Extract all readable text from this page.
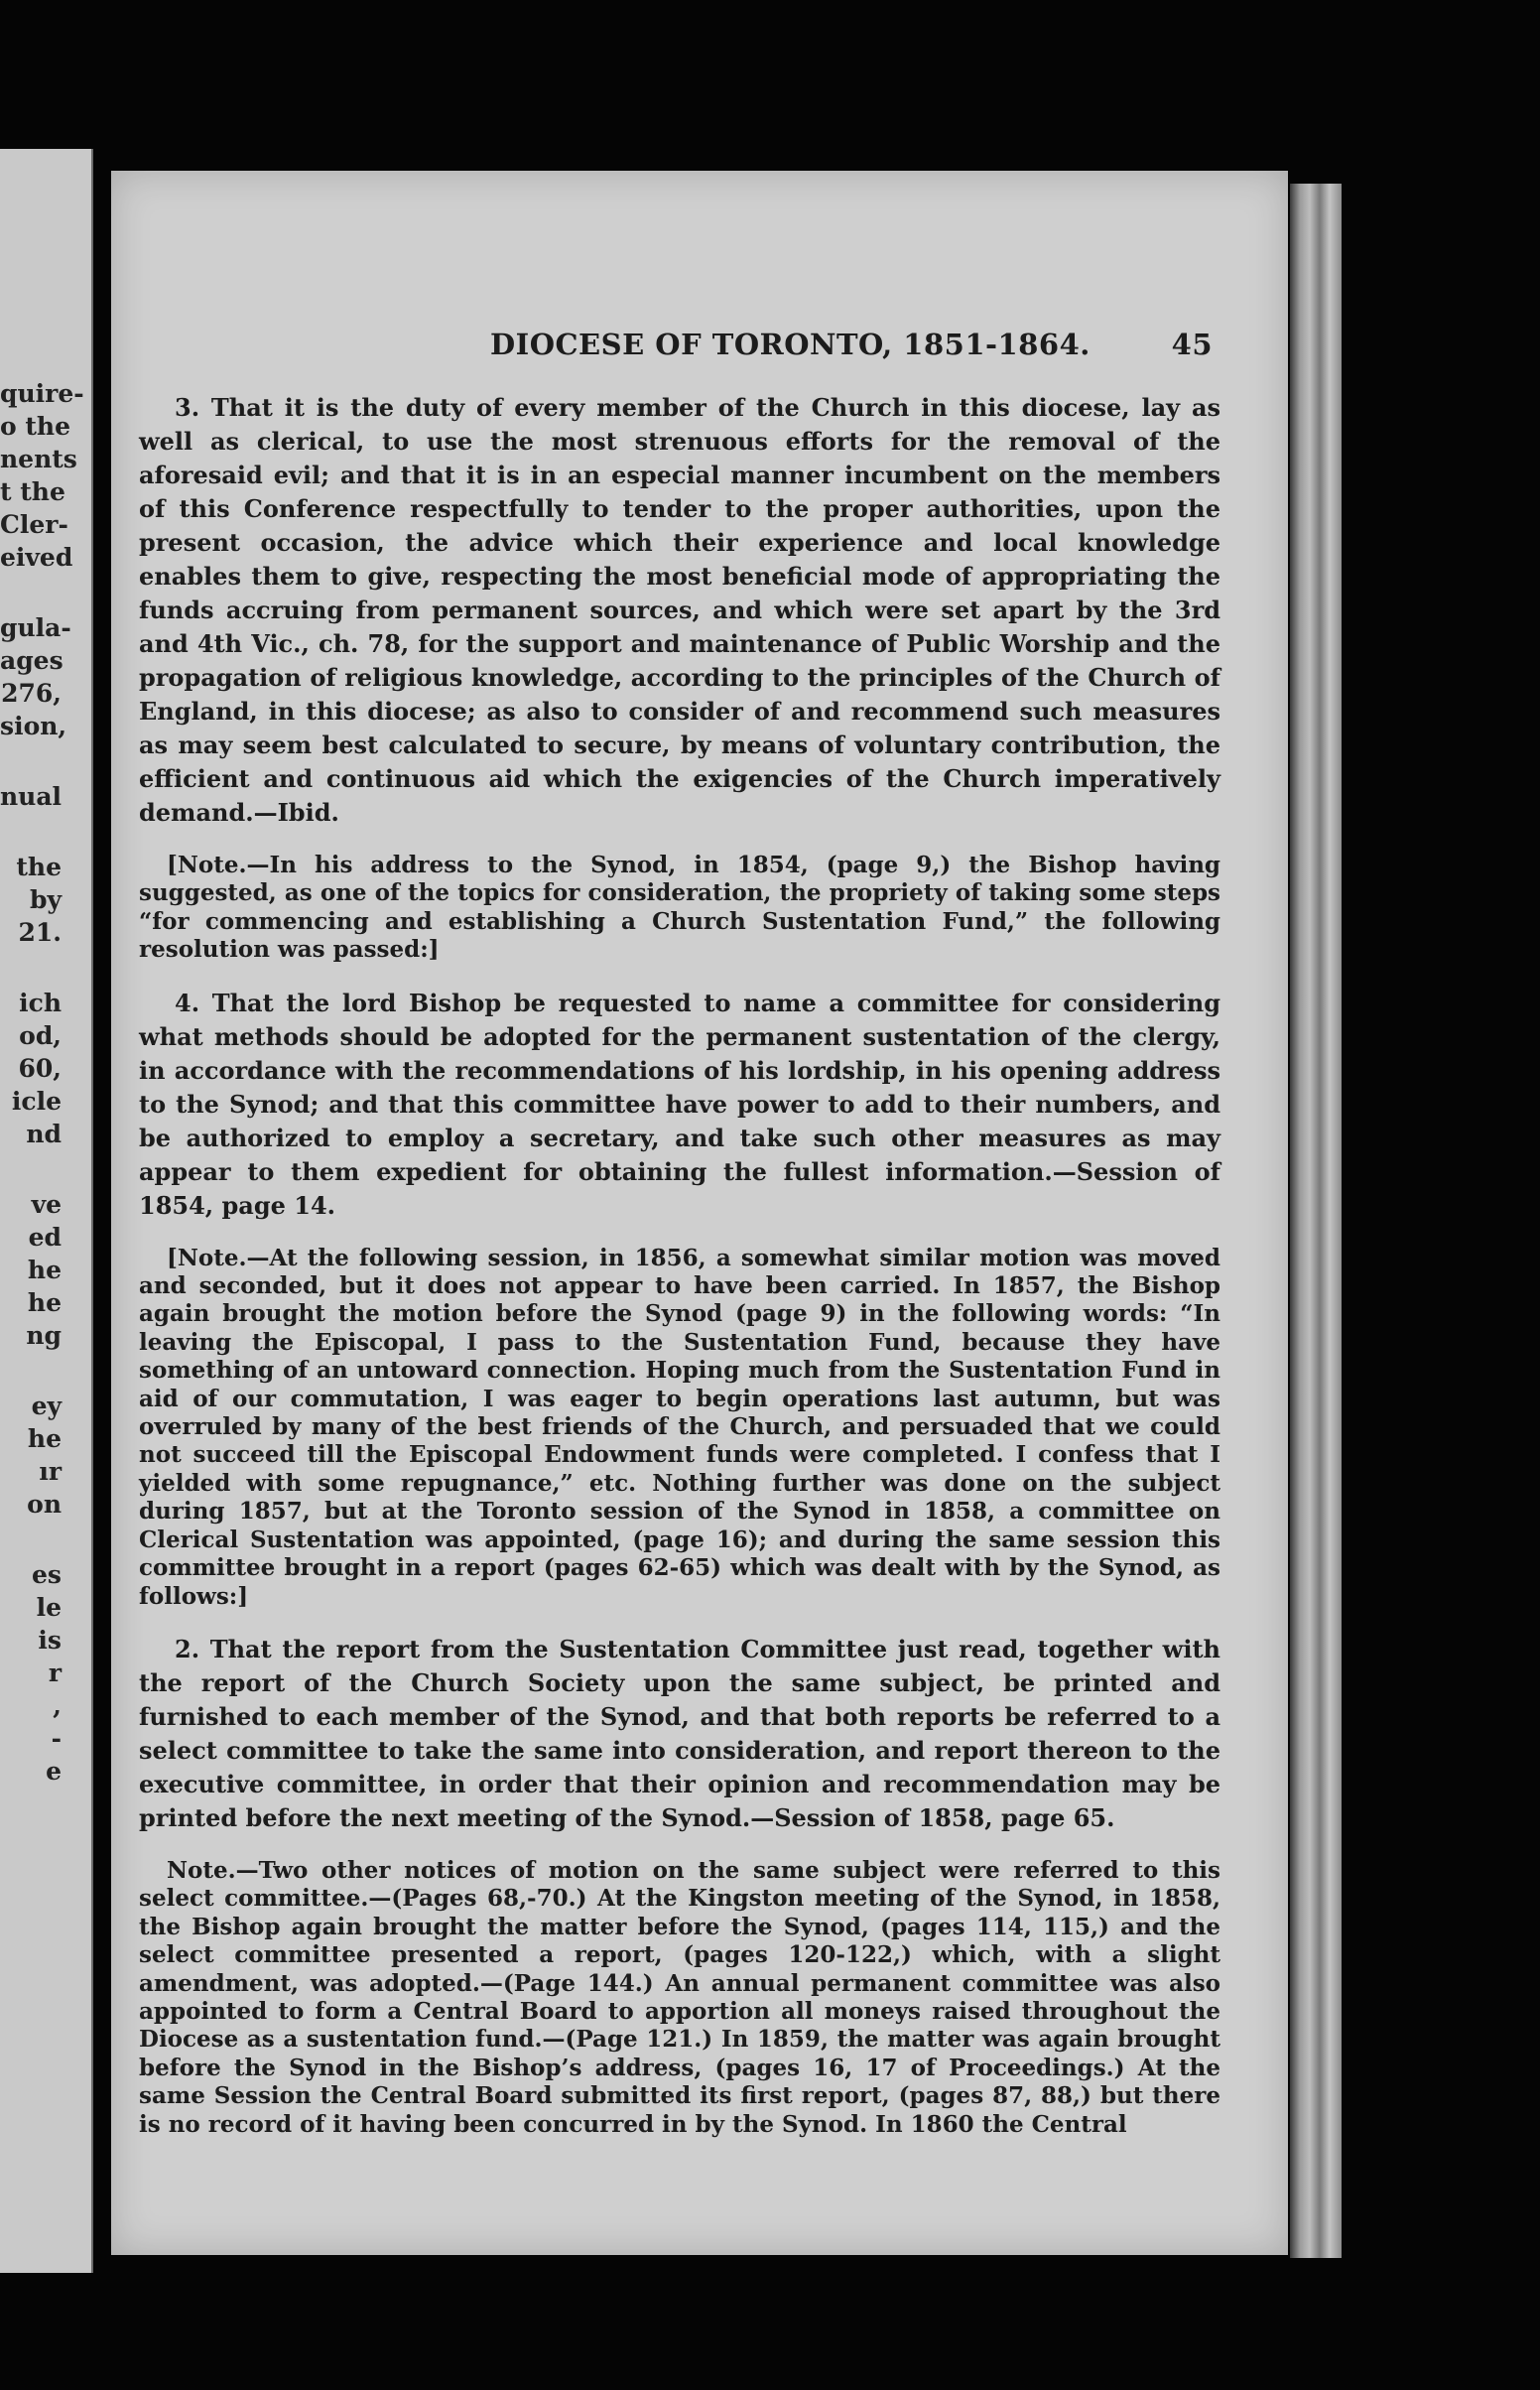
quire-
o the
nents
t the
Cler-
eived
gula-
ages
276,
sion,
nual
the
by
21.
ich
od,
60,
icle
nd
ve
ed
he
he
ng
ey
he
ır
on
es
le
is
r
,
-
e
DIOCESE OF TORONTO, 1851-1864.	45

3. That it is the duty of every member of the Church in this diocese, lay as well as clerical, to use the most strenuous efforts for the removal of the aforesaid evil; and that it is in an especial manner incumbent on the members of this Conference respectfully to tender to the proper authorities, upon the present occasion, the advice which their experience and local knowledge enables them to give, respecting the most beneficial mode of appropriating the funds accruing from permanent sources, and which were set apart by the 3rd and 4th Vic., ch. 78, for the support and maintenance of Public Worship and the propagation of religious knowledge, according to the principles of the Church of England, in this diocese; as also to consider of and recommend such measures as may seem best calculated to secure, by means of voluntary contribution, the efficient and continuous aid which the exigencies of the Church imperatively demand.—Ibid.

[Note.—In his address to the Synod, in 1854, (page 9,) the Bishop having suggested, as one of the topics for consideration, the propriety of taking some steps “for commencing and establishing a Church Sustentation Fund,” the following resolution was passed:]

4. That the lord Bishop be requested to name a committee for considering what methods should be adopted for the permanent sustentation of the clergy, in accordance with the recommendations of his lordship, in his opening address to the Synod; and that this committee have power to add to their numbers, and be authorized to employ a secretary, and take such other measures as may appear to them expedient for obtaining the fullest information.—Session of 1854, page 14.

[Note.—At the following session, in 1856, a somewhat similar motion was moved and seconded, but it does not appear to have been carried. In 1857, the Bishop again brought the motion before the Synod (page 9) in the following words: “In leaving the Episcopal, I pass to the Sustentation Fund, because they have something of an untoward connection. Hoping much from the Sustentation Fund in aid of our commutation, I was eager to begin operations last autumn, but was overruled by many of the best friends of the Church, and persuaded that we could not succeed till the Episcopal Endowment funds were completed. I confess that I yielded with some repugnance,” etc. Nothing further was done on the subject during 1857, but at the Toronto session of the Synod in 1858, a committee on Clerical Sustentation was appointed, (page 16); and during the same session this committee brought in a report (pages 62-65) which was dealt with by the Synod, as follows:]

2. That the report from the Sustentation Committee just read, together with the report of the Church Society upon the same subject, be printed and furnished to each member of the Synod, and that both reports be referred to a select committee to take the same into consideration, and report thereon to the executive committee, in order that their opinion and recommendation may be printed before the next meeting of the Synod.—Session of 1858, page 65.

Note.—Two other notices of motion on the same subject were referred to this select committee.—(Pages 68,-70.) At the Kingston meeting of the Synod, in 1858, the Bishop again brought the matter before the Synod, (pages 114, 115,) and the select committee presented a report, (pages 120-122,) which, with a slight amendment, was adopted.—(Page 144.) An annual permanent committee was also appointed to form a Central Board to apportion all moneys raised throughout the Diocese as a sustentation fund.—(Page 121.) In 1859, the matter was again brought before the Synod in the Bishop’s address, (pages 16, 17 of Proceedings.) At the same Session the Central Board submitted its first report, (pages 87, 88,) but there is no record of it having been concurred in by the Synod. In 1860 the Central
